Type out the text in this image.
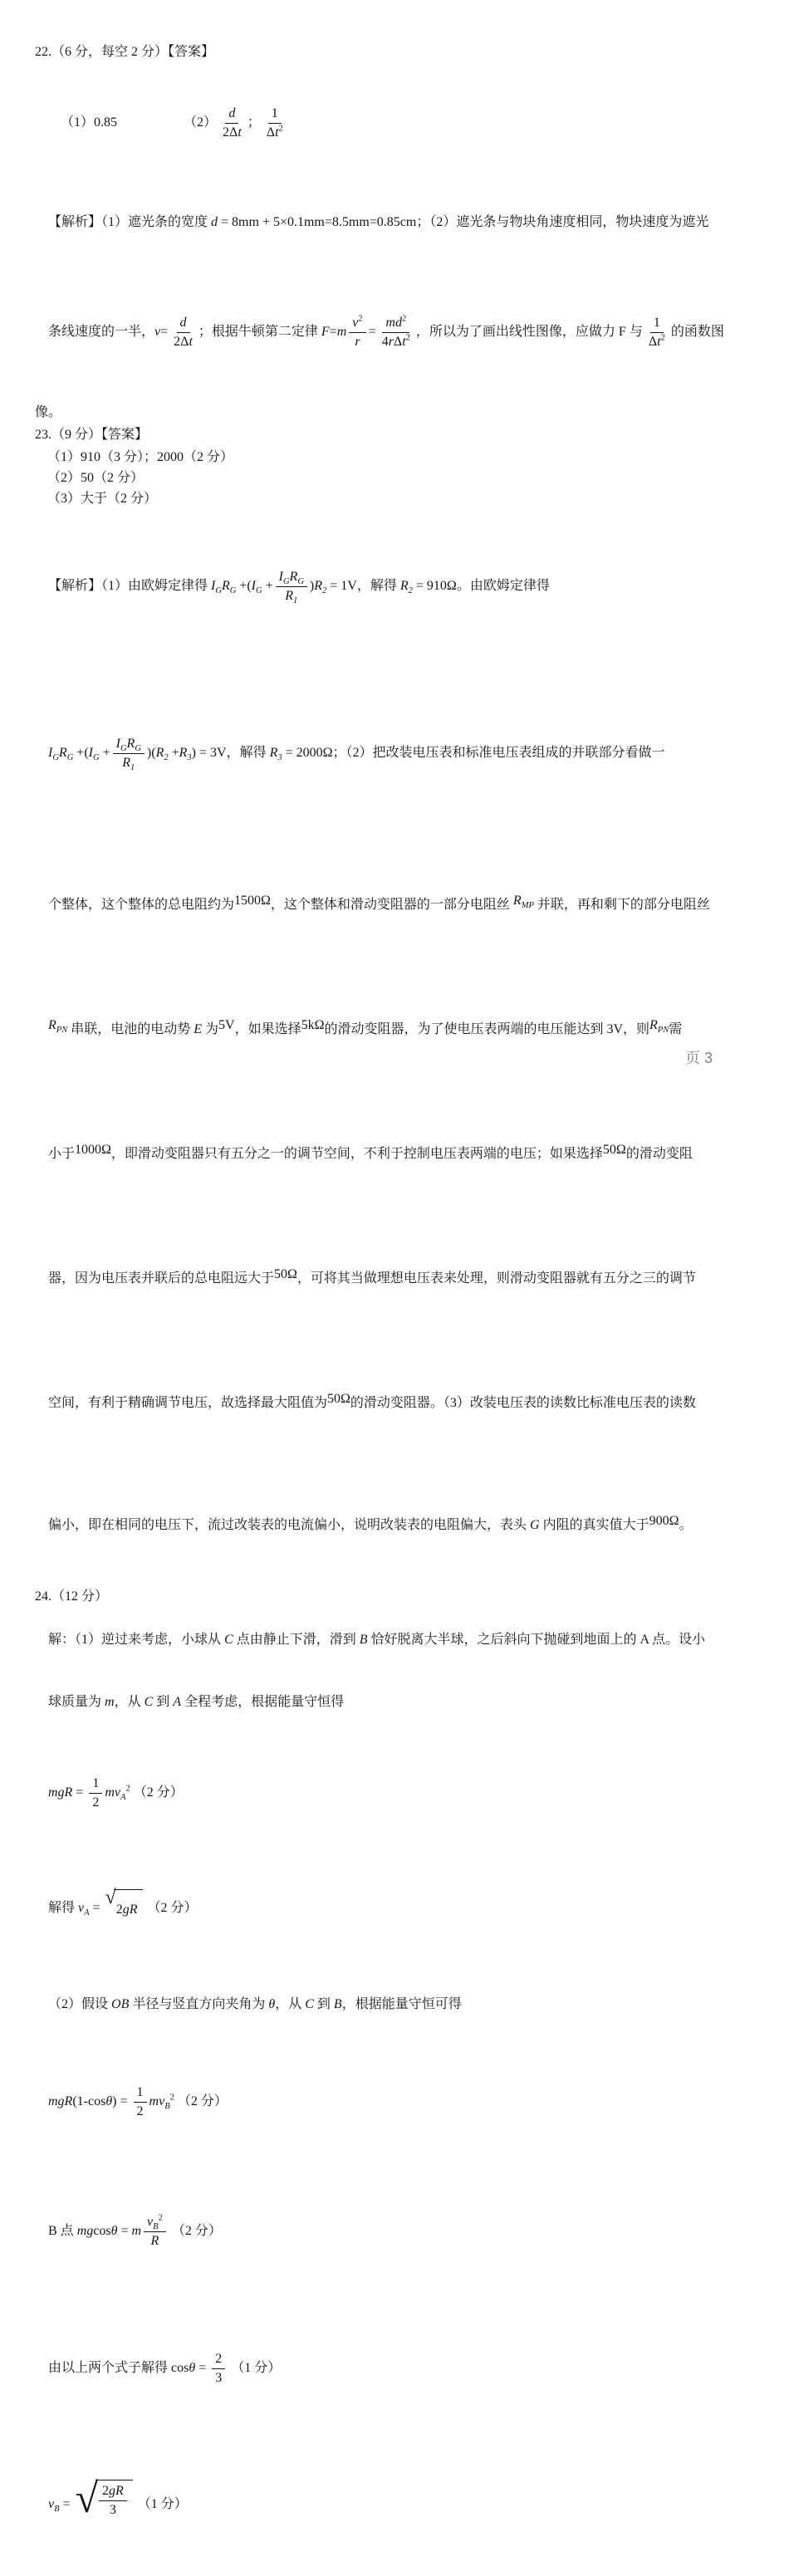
22.（6 分，每空 2 分）【答案】

（1）0.85	$(2) \frac{d}{2\Delta t}$ ； $\frac{1}{\Delta t^2}$

【解析】（1）遮光条的宽度 d = 8mm + 5×0.1mm=8.5mm=0.85cm；（2）遮光条与物块角速度相同，物块速度为遮光

条线速度的一半，$v= \frac{d}{2\Delta t}$ ；根据牛顿第二定律 $F=m \frac{v^2}{r} = \frac{md^2}{4r\Delta t^2}$ ，所以为了画出线性图像，应做力 F 与 $\frac{1}{\Delta t^2}$ 的函数图

像。
23.（9 分）【答案】
（1）910（3 分）；2000（2 分）
（2）50（2 分）
（3）大于（2 分）

【解析】（1）由欧姆定律得 $I_GR_G +(I_G + \frac{I_GR_G}{R_1} )R_2 = 1V$，解得 $R_2 = 910\Omega$。由欧姆定律得

$I_GR_G +(I_G + \frac{I_GR_G}{R_1} )(R_2 +R_3) = 3V$，解得 $R_3 = 2000\Omega$；（2）把改装电压表和标准电压表组成的并联部分看做一

个整体，这个整体的总电阻约为1500Ω，这个整体和滑动变阻器的一部分电阻丝 $R_{MP}$ 并联，再和剩下的部分电阻丝

$R_{PN}$ 串联，电池的电动势 E 为5V，如果选择5kΩ的滑动变阻器，为了使电压表两端的电压能达到 3V，则$R_{PN}$需

小于1000Ω，即滑动变阻器只有五分之一的调节空间，不利于控制电压表两端的电压；如果选择50Ω的滑动变阻

器，因为电压表并联后的总电阻远大于50Ω，可将其当做理想电压表来处理，则滑动变阻器就有五分之三的调节

空间，有利于精确调节电压，故选择最大阻值为50Ω的滑动变阻器。（3）改装电压表的读数比标准电压表的读数

偏小，即在相同的电压下，流过改装表的电流偏小，说明改装表的电阻偏大，表头 G 内阻的真实值大于900Ω。

24.（12 分）

解：（1）逆过来考虑，小球从 C 点由静止下滑，滑到 B 恰好脱离大半球，之后斜向下抛碰到地面上的 A 点。设小

球质量为 m，从 C 到 A 全程考虑，根据能量守恒得

mgR = $\frac{1}{2} mv_A^2$ （2 分）

解得 $v_A = √2gR$ （2 分）

（2）假设 OB 半径与竖直方向夹角为 θ，从 C 到 B，根据能量守恒可得

$mgR(1-\cos\theta) = \frac{1}{2} mv_B^2$ （2 分）

B 点 mgcosθ = m $\frac{v_B^2}{R} (2$ 分）

由以上两个式子解得 $\cos\theta = \frac{2}{3} (1$ 分）

$v_B$ = √ $\frac{2gR}{3} (1$ 分）

页 3
